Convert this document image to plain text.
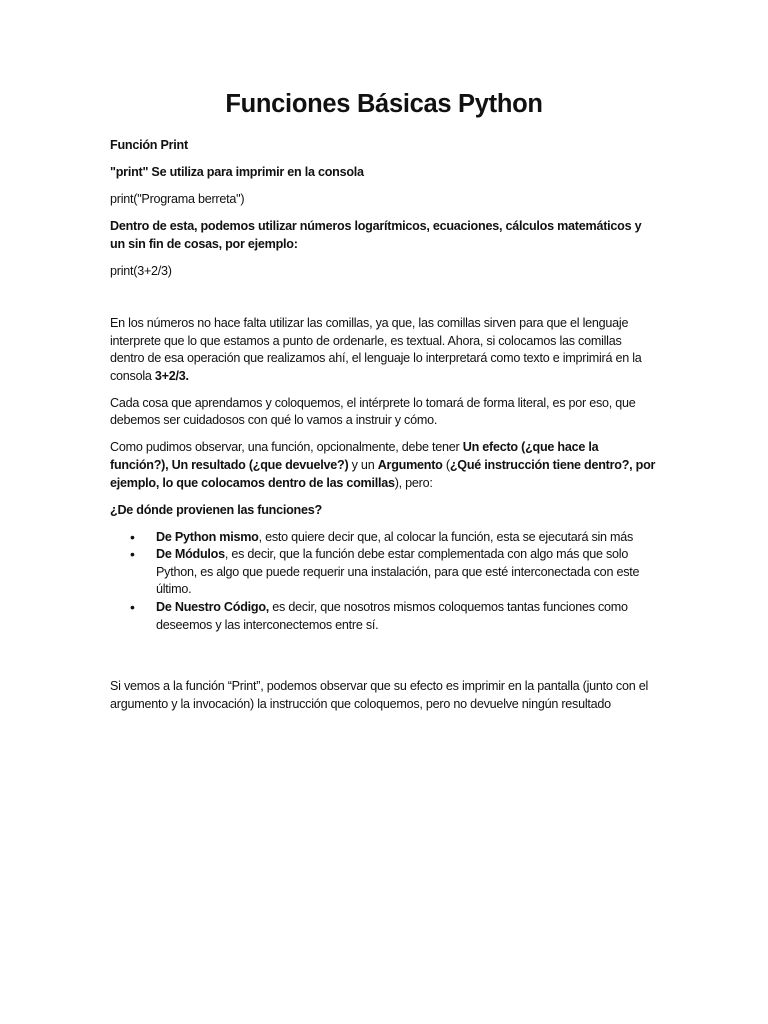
Funciones Básicas Python

Función Print

"print" Se utiliza para imprimir en la consola

print("Programa berreta")

Dentro de esta, podemos utilizar números logarítmicos, ecuaciones, cálculos matemáticos y un sin fin de cosas, por ejemplo:

print(3+2/3)

En los números no hace falta utilizar las comillas, ya que, las comillas sirven para que el lenguaje interprete que lo que estamos a punto de ordenarle, es textual. Ahora, si colocamos las comillas dentro de esa operación que realizamos ahí, el lenguaje lo interpretará como texto e imprimirá en la consola 3+2/3.

Cada cosa que aprendamos y coloquemos, el intérprete lo tomará de forma literal, es por eso, que debemos ser cuidadosos con qué lo vamos a instruir y cómo.

Como pudimos observar, una función, opcionalmente, debe tener Un efecto (¿que hace la función?), Un resultado (¿que devuelve?) y un Argumento (¿Qué instrucción tiene dentro?, por ejemplo, lo que colocamos dentro de las comillas), pero:

¿De dónde provienen las funciones?

• De Python mismo, esto quiere decir que, al colocar la función, esta se ejecutará sin más
• De Módulos, es decir, que la función debe estar complementada con algo más que solo Python, es algo que puede requerir una instalación, para que esté interconectada con este último.
• De Nuestro Código, es decir, que nosotros mismos coloquemos tantas funciones como deseemos y las interconectemos entre sí.

Si vemos a la función “Print”, podemos observar que su efecto es imprimir en la pantalla (junto con el argumento y la invocación) la instrucción que coloquemos, pero no devuelve ningún resultado
